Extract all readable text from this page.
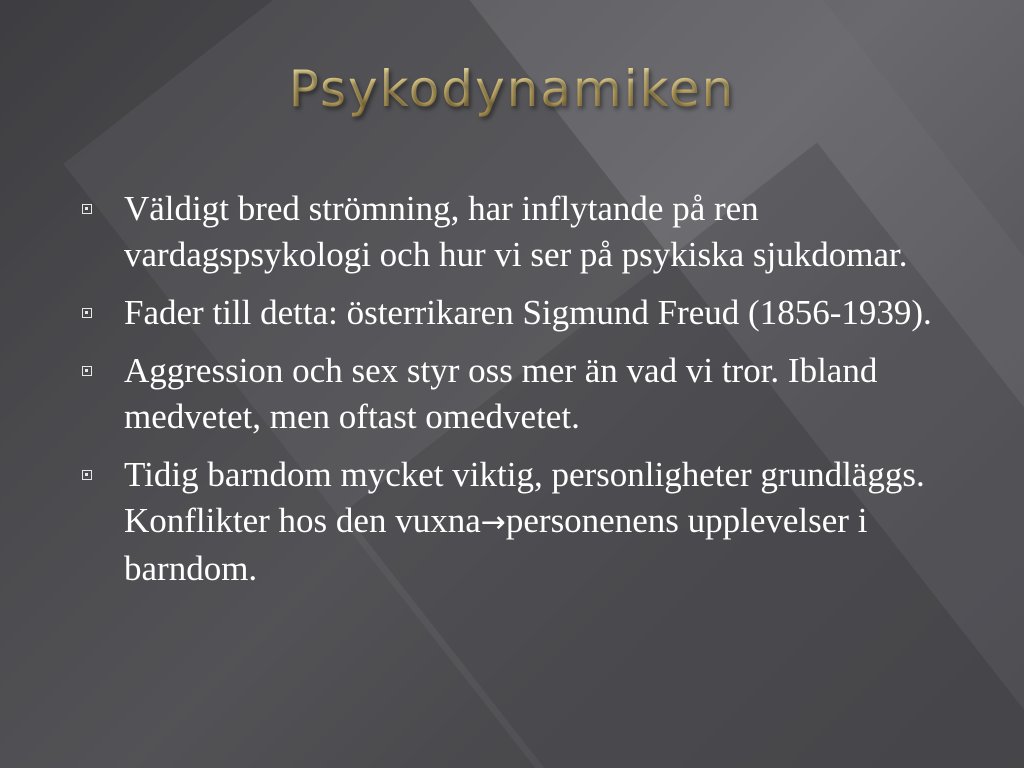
Psykodynamiken
Väldigt bred strömning, har inflytande på ren vardagspsykologi och hur vi ser på psykiska sjukdomar.
Fader till detta: österrikaren Sigmund Freud (1856-1939).
Aggression och sex styr oss mer än vad vi tror. Ibland medvetet, men oftast omedvetet.
Tidig barndom mycket viktig, personligheter grundläggs. Konflikter hos den vuxna→personenens upplevelser i barndom.
